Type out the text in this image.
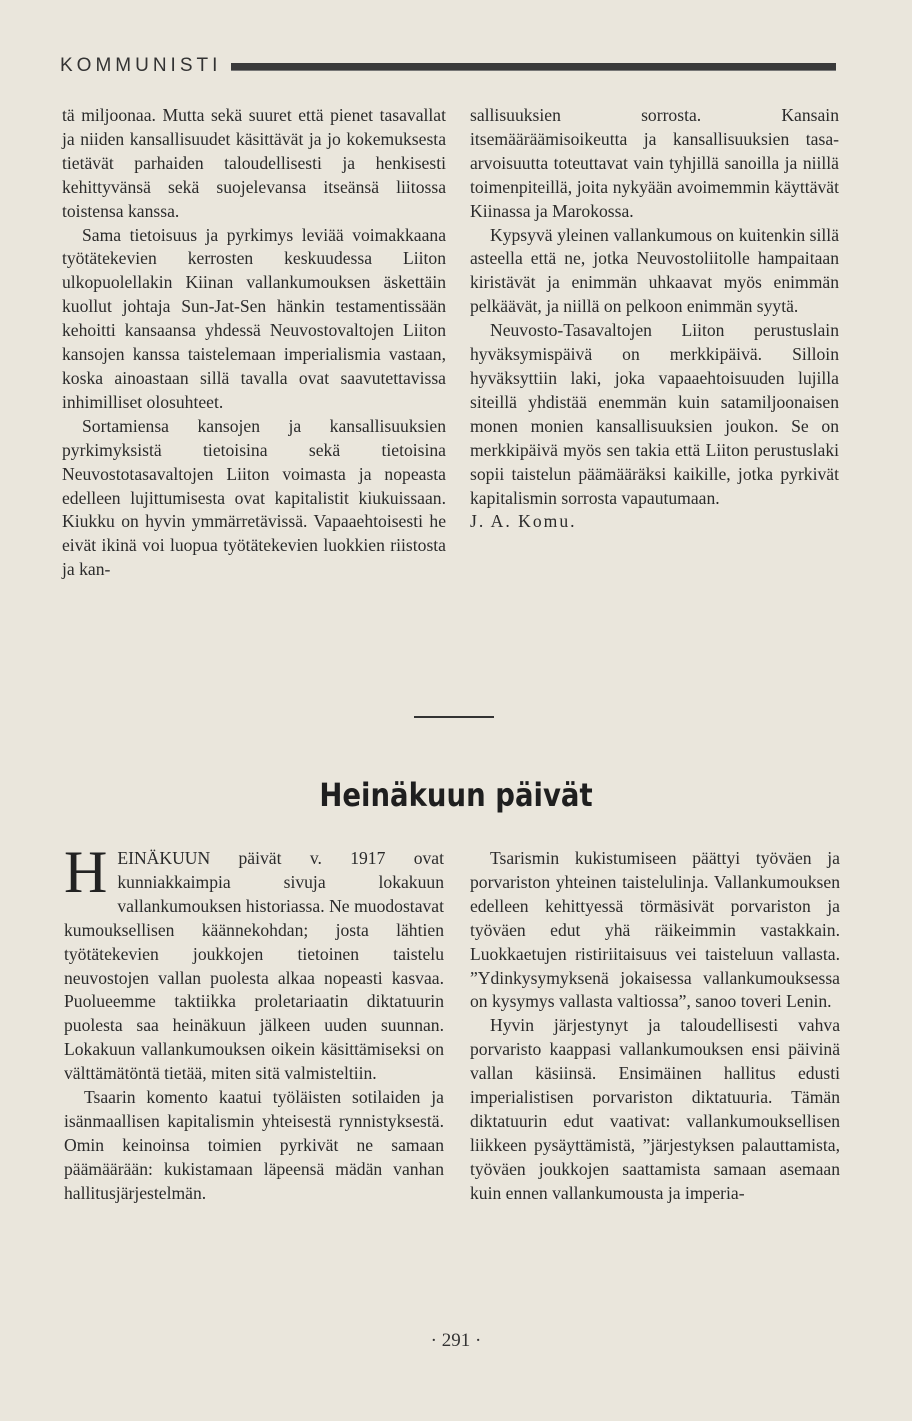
KOMMUNISTI

tä miljoonaa. Mutta sekä suuret että pienet tasavallat ja niiden kansallisuudet käsittävät ja jo kokemuksesta tietävät parhaiden taloudellisesti ja henkisesti kehittyvänsä sekä suojelevansa itseänsä liitossa toistensa kanssa.

Sama tietoisuus ja pyrkimys leviää voimakkaana työtätekevien kerrosten keskuudessa Liiton ulkopuolellakin Kiinan vallankumouksen äskettäin kuollut johtaja Sun-Jat-Sen hänkin testamentissään kehoitti kansaansa yhdessä Neuvostovaltojen Liiton kansojen kanssa taistelemaan imperialismia vastaan, koska ainoastaan sillä tavalla ovat saavutettavissa inhimilliset olosuhteet.

Sortamiensa kansojen ja kansallisuuksien pyrkimyksistä tietoisina sekä tietoisina Neuvostotasavaltojen Liiton voimasta ja nopeasta edelleen lujittumisesta ovat kapitalistit kiukuissaan. Kiukku on hyvin ymmärretävissä. Vapaaehtoisesti he eivät ikinä voi luopua työtätekevien luokkien riistosta ja kan-

sallisuuksien sorrosta. Kansain itsemääräämisoikeutta ja kansallisuuksien tasa-arvoisuutta toteuttavat vain tyhjillä sanoilla ja niillä toimenpiteillä, joita nykyään avoimemmin käyttävät Kiinassa ja Marokossa.

Kypsyvä yleinen vallankumous on kuitenkin sillä asteella että ne, jotka Neuvostoliitolle hampaitaan kiristävät ja enimmän uhkaavat myös enimmän pelkäävät, ja niillä on pelkoon enimmän syytä.

Neuvosto-Tasavaltojen Liiton perustuslain hyväksymispäivä on merkkipäivä. Silloin hyväksyttiin laki, joka vapaaehtoisuuden lujilla siteillä yhdistää enemmän kuin satamiljoonaisen monen monien kansallisuuksien joukon. Se on merkkipäivä myös sen takia että Liiton perustuslaki sopii taistelun päämääräksi kaikille, jotka pyrkivät kapitalismin sorrosta vapautumaan.

J. A. Komu.

Heinäkuun päivät

HEINÄKUUN päivät v. 1917 ovat kunniakkaimpia sivuja lokakuun vallankumouksen historiassa. Ne muodostavat kumouksellisen käännekohdan; josta lähtien työtätekevien joukkojen tietoinen taistelu neuvostojen vallan puolesta alkaa nopeasti kasvaa. Puolueemme taktiikka proletariaatin diktatuurin puolesta saa heinäkuun jälkeen uuden suunnan. Lokakuun vallankumouksen oikein käsittämiseksi on välttämätöntä tietää, miten sitä valmisteltiin.

Tsaarin komento kaatui työläisten sotilaiden ja isänmaallisen kapitalismin yhteisestä rynnistyksestä. Omin keinoinsa toimien pyrkivät ne samaan päämäärään: kukistamaan läpeensä mädän vanhan hallitusjärjestelmän.

Tsarismin kukistumiseen päättyi työväen ja porvariston yhteinen taistelulinja. Vallankumouksen edelleen kehittyessä törmäsivät porvariston ja työväen edut yhä räikeimmin vastakkain. Luokkaetujen ristiriitaisuus vei taisteluun vallasta. ”Ydinkysymyksenä jokaisessa vallankumouksessa on kysymys vallasta valtiossa”, sanoo toveri Lenin.

Hyvin järjestynyt ja taloudellisesti vahva porvaristo kaappasi vallankumouksen ensi päivinä vallan käsiinsä. Ensimäinen hallitus edusti imperialistisen porvariston diktatuuria. Tämän diktatuurin edut vaativat: vallankumouksellisen liikkeen pysäyttämistä, ”järjestyksen palauttamista, työväen joukkojen saattamista samaan asemaan kuin ennen vallankumousta ja imperia-

· 291 ·
